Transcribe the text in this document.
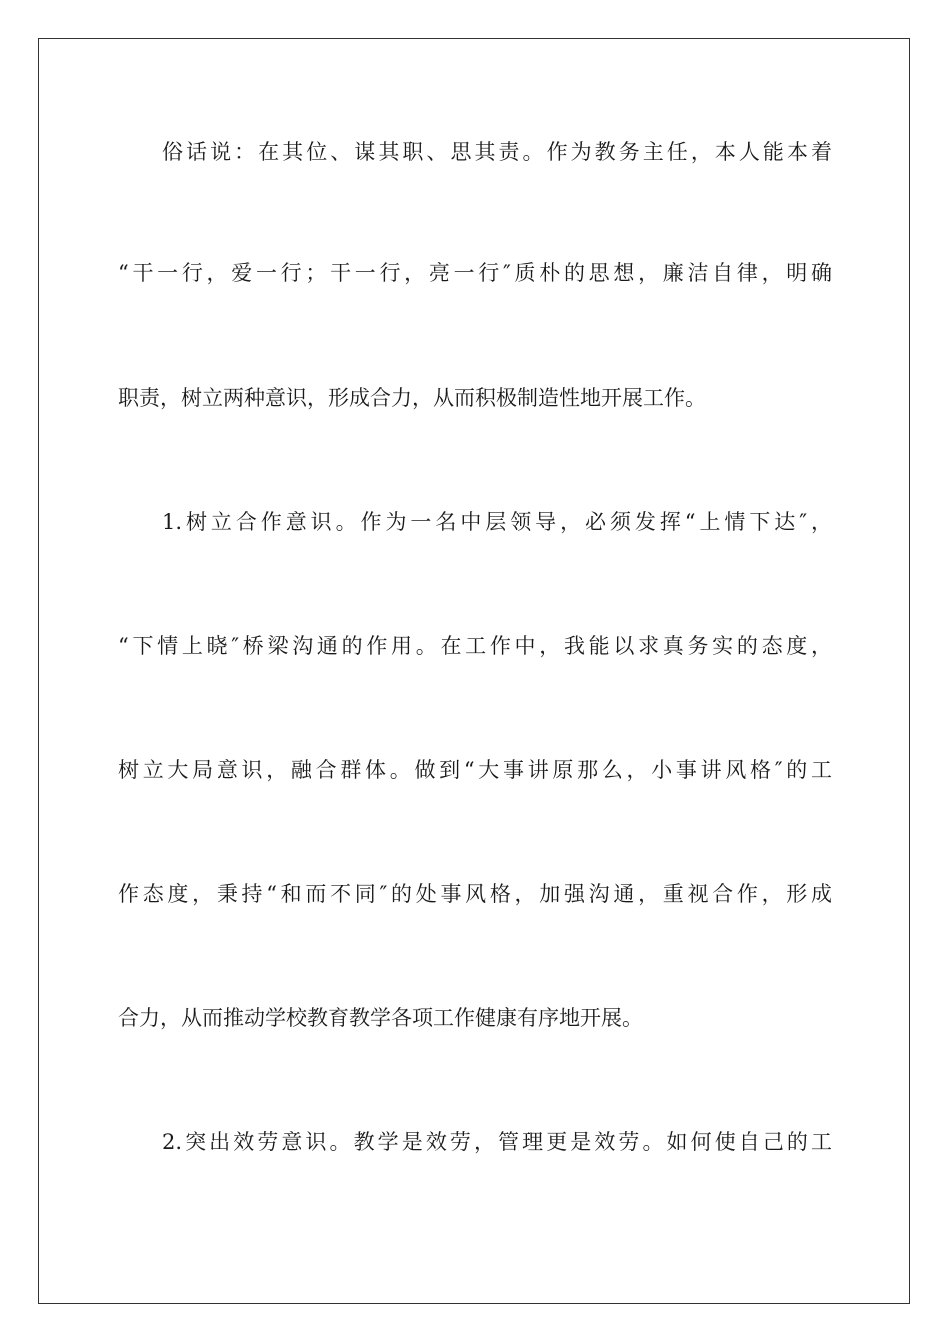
俗话说：在其位、谋其职、思其责。作为教务主任，本人能本着
“干一行，爱一行；干一行，亮一行″质朴的思想，廉洁自律，明确
职责，树立两种意识，形成合力，从而积极制造性地开展工作。
1.树立合作意识。作为一名中层领导，必须发挥“上情下达″，
“下情上晓″桥梁沟通的作用。在工作中，我能以求真务实的态度，
树立大局意识，融合群体。做到“大事讲原那么，小事讲风格″的工
作态度，秉持“和而不同″的处事风格，加强沟通，重视合作，形成
合力，从而推动学校教育教学各项工作健康有序地开展。
2.突出效劳意识。教学是效劳，管理更是效劳。如何使自己的工
